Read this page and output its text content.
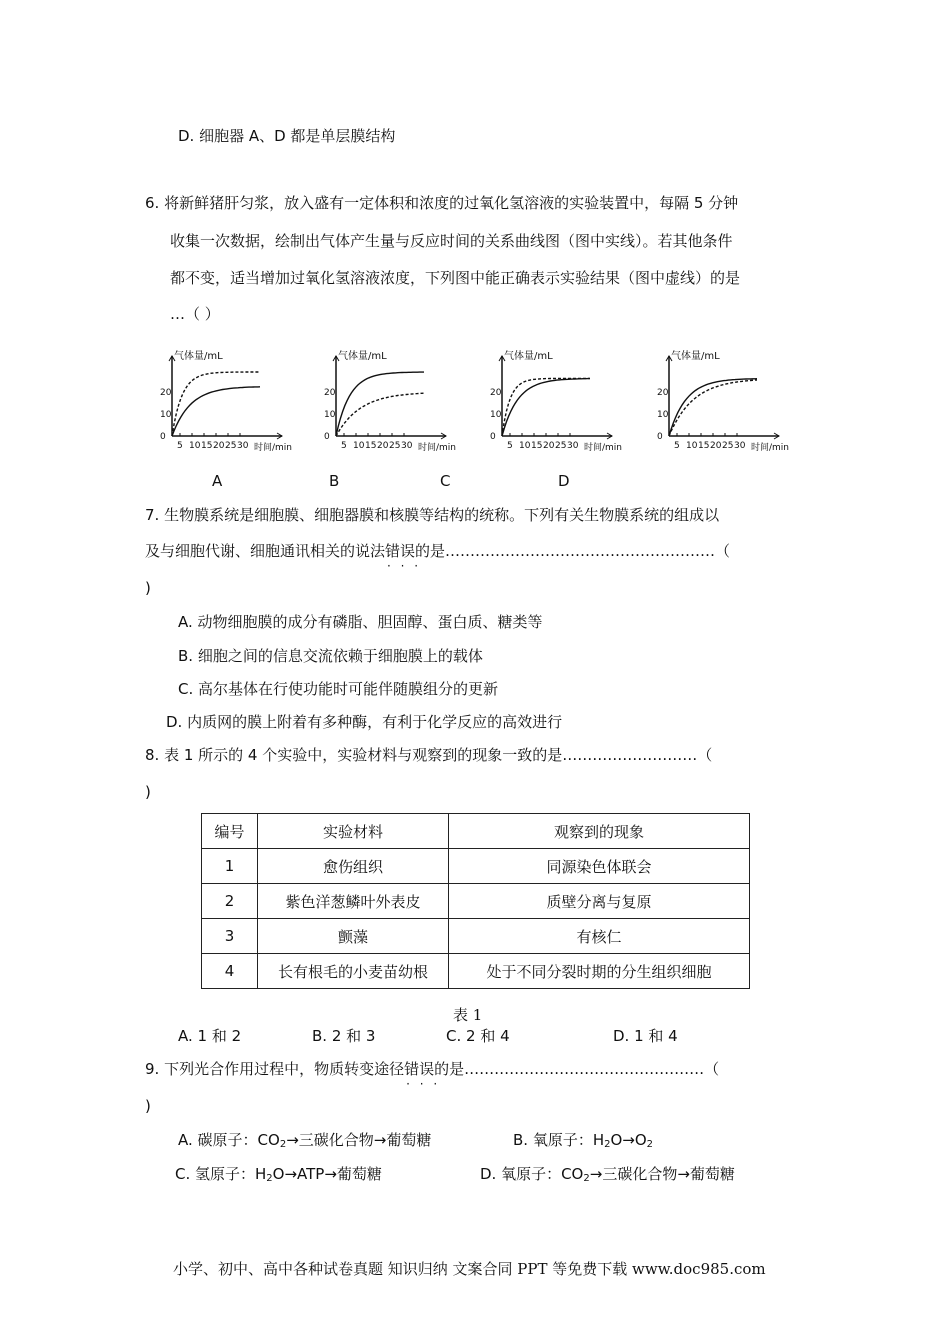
D. 细胞器 A、D 都是单层膜结构
6. 将新鲜猪肝匀浆，放入盛有一定体积和浓度的过氧化氢溶液的实验装置中，每隔 5 分钟
收集一次数据，绘制出气体产生量与反应时间的关系曲线图（图中实线）。若其他条件
都不变，适当增加过氧化氢溶液浓度，下列图中能正确表示实验结果（图中虚线）的是
…（ ）
气体量/mL
5 10 15 20 25 30 时间/min
0
10
20
气体量/mL
5 10 15 20 25 30 时间/min
0
10
20
气体量/mL
5 10 15 20 25 30 时间/min
0
10
20
气体量/mL
5 10 15 20 25 30 时间/min
0
10
20
A	B	C	D
7. 生物膜系统是细胞膜、细胞器膜和核膜等结构的统称。下列有关生物膜系统的组成以
及与细胞代谢、细胞通讯相关的说法错误 · · ·的是………………………………………………（
)
A. 动物细胞膜的成分有磷脂、胆固醇、蛋白质、糖类等
B. 细胞之间的信息交流依赖于细胞膜上的载体
C. 高尔基体在行使功能时可能伴随膜组分的更新
D. 内质网的膜上附着有多种酶，有利于化学反应的高效进行
8. 表 1 所示的 4 个实验中，实验材料与观察到的现象一致的是………………………（
)
编号	实验材料	观察到的现象
1	愈伤组织	同源染色体联会
2	紫色洋葱鳞叶外表皮	质壁分离与复原
3	颤藻	有核仁
4	长有根毛的小麦苗幼根	处于不同分裂时期的分生组织细胞
表 1
A. 1 和 2	B. 2 和 3	C. 2 和 4	D. 1 和 4
9. 下列光合作用过程中，物质转变途径错误 · · ·的是…………………………………………（
)
A. 碳原子：$CO_2\to$三碳化合物→葡萄糖	B. 氧原子：$H_2O\to O_2$
C. 氢原子：$H_2O\to ATP\to$葡萄糖	D. 氧原子：$CO_2\to$三碳化合物→葡萄糖
小学、初中、高中各种试卷真题 知识归纳 文案合同 PPT 等免费下载 www.doc985.com
